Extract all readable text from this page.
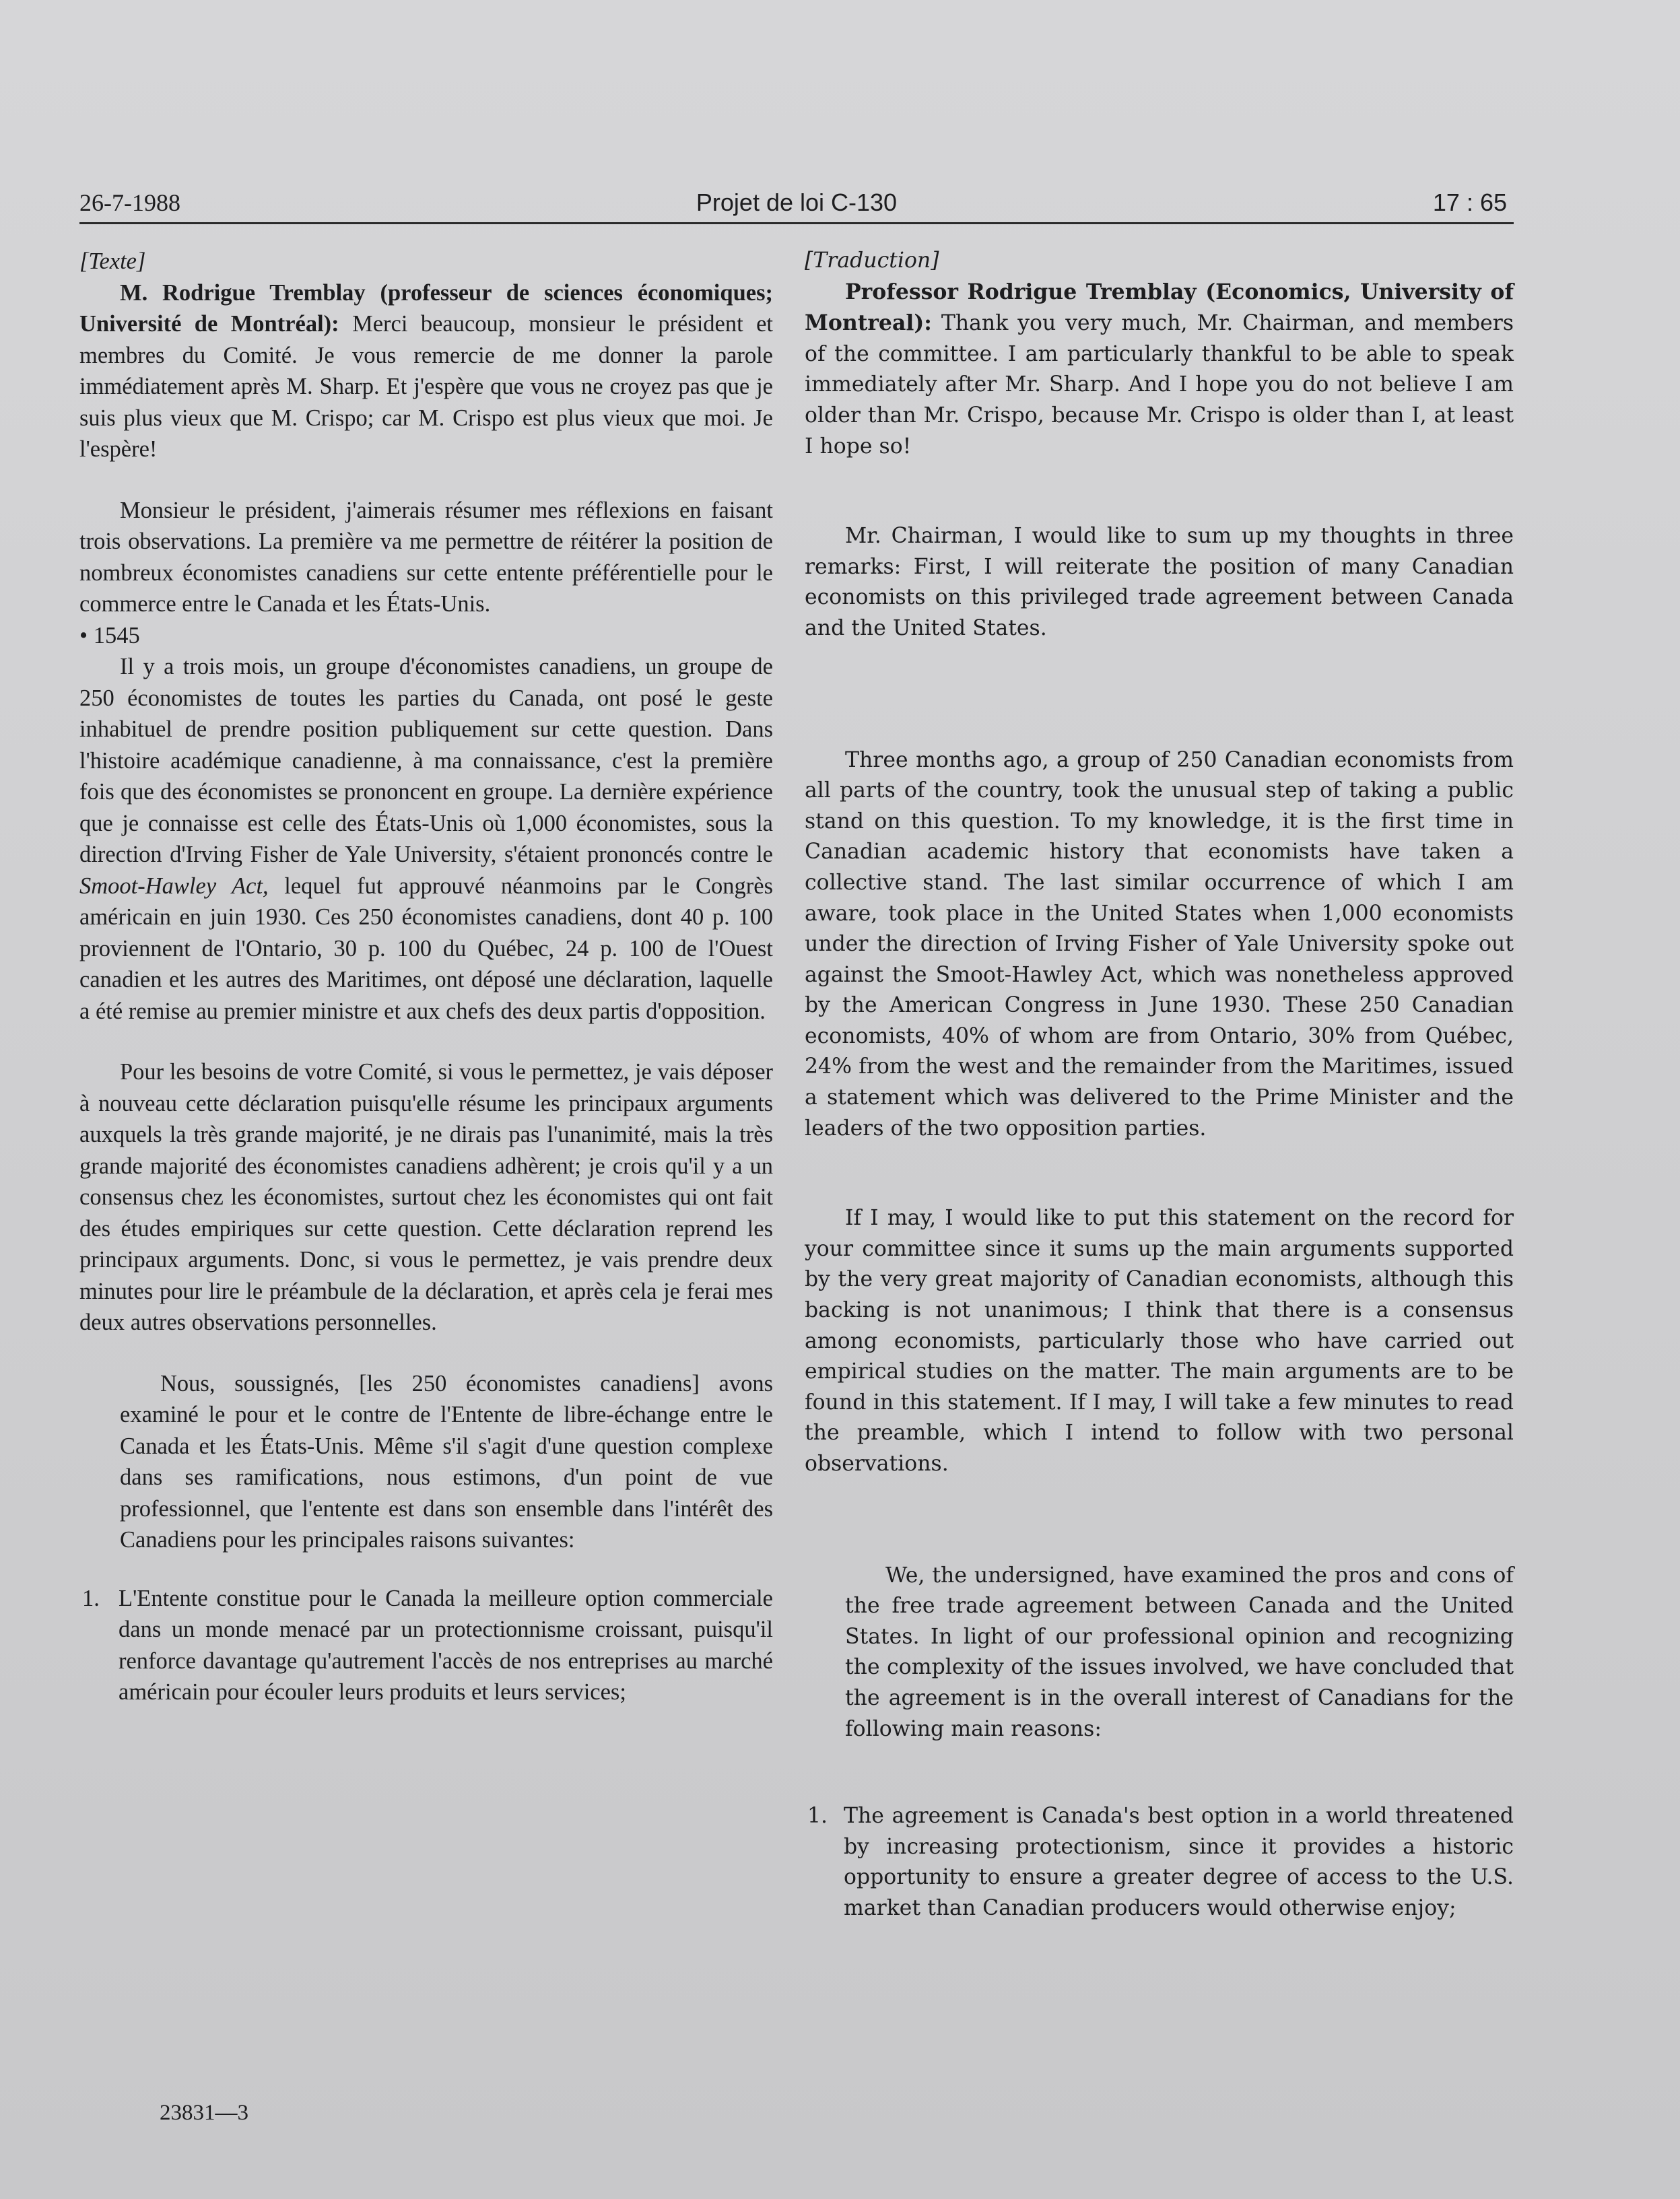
26-7-1988	Projet de loi C-130	17 : 65

[Texte]

M. Rodrigue Tremblay (professeur de sciences économiques; Université de Montréal): Merci beaucoup, monsieur le président et membres du Comité. Je vous remercie de me donner la parole immédiatement après M. Sharp. Et j'espère que vous ne croyez pas que je suis plus vieux que M. Crispo; car M. Crispo est plus vieux que moi. Je l'espère!

Monsieur le président, j'aimerais résumer mes réflexions en faisant trois observations. La première va me permettre de réitérer la position de nombreux économistes canadiens sur cette entente préférentielle pour le commerce entre le Canada et les États-Unis.

• 1545

Il y a trois mois, un groupe d'économistes canadiens, un groupe de 250 économistes de toutes les parties du Canada, ont posé le geste inhabituel de prendre position publiquement sur cette question. Dans l'histoire académique canadienne, à ma connaissance, c'est la première fois que des économistes se prononcent en groupe. La dernière expérience que je connaisse est celle des États-Unis où 1,000 économistes, sous la direction d'Irving Fisher de Yale University, s'étaient prononcés contre le Smoot-Hawley Act, lequel fut approuvé néanmoins par le Congrès américain en juin 1930. Ces 250 économistes canadiens, dont 40 p. 100 proviennent de l'Ontario, 30 p. 100 du Québec, 24 p. 100 de l'Ouest canadien et les autres des Maritimes, ont déposé une déclaration, laquelle a été remise au premier ministre et aux chefs des deux partis d'opposition.

Pour les besoins de votre Comité, si vous le permettez, je vais déposer à nouveau cette déclaration puisqu'elle résume les principaux arguments auxquels la très grande majorité, je ne dirais pas l'unanimité, mais la très grande majorité des économistes canadiens adhèrent; je crois qu'il y a un consensus chez les économistes, surtout chez les économistes qui ont fait des études empiriques sur cette question. Cette déclaration reprend les principaux arguments. Donc, si vous le permettez, je vais prendre deux minutes pour lire le préambule de la déclaration, et après cela je ferai mes deux autres observations personnelles.

Nous, soussignés, [les 250 économistes canadiens] avons examiné le pour et le contre de l'Entente de libre-échange entre le Canada et les États-Unis. Même s'il s'agit d'une question complexe dans ses ramifications, nous estimons, d'un point de vue professionnel, que l'entente est dans son ensemble dans l'intérêt des Canadiens pour les principales raisons suivantes:

1. L'Entente constitue pour le Canada la meilleure option commerciale dans un monde menacé par un protectionnisme croissant, puisqu'il renforce davantage qu'autrement l'accès de nos entreprises au marché américain pour écouler leurs produits et leurs services;

[Traduction]

Professor Rodrigue Tremblay (Economics, University of Montreal): Thank you very much, Mr. Chairman, and members of the committee. I am particularly thankful to be able to speak immediately after Mr. Sharp. And I hope you do not believe I am older than Mr. Crispo, because Mr. Crispo is older than I, at least I hope so!

Mr. Chairman, I would like to sum up my thoughts in three remarks: First, I will reiterate the position of many Canadian economists on this privileged trade agreement between Canada and the United States.

Three months ago, a group of 250 Canadian economists from all parts of the country, took the unusual step of taking a public stand on this question. To my knowledge, it is the first time in Canadian academic history that economists have taken a collective stand. The last similar occurrence of which I am aware, took place in the United States when 1,000 economists under the direction of Irving Fisher of Yale University spoke out against the Smoot-Hawley Act, which was nonetheless approved by the American Congress in June 1930. These 250 Canadian economists, 40% of whom are from Ontario, 30% from Québec, 24% from the west and the remainder from the Maritimes, issued a statement which was delivered to the Prime Minister and the leaders of the two opposition parties.

If I may, I would like to put this statement on the record for your committee since it sums up the main arguments supported by the very great majority of Canadian economists, although this backing is not unanimous; I think that there is a consensus among economists, particularly those who have carried out empirical studies on the matter. The main arguments are to be found in this statement. If I may, I will take a few minutes to read the preamble, which I intend to follow with two personal observations.

We, the undersigned, have examined the pros and cons of the free trade agreement between Canada and the United States. In light of our professional opinion and recognizing the complexity of the issues involved, we have concluded that the agreement is in the overall interest of Canadians for the following main reasons:

1. The agreement is Canada's best option in a world threatened by increasing protectionism, since it provides a historic opportunity to ensure a greater degree of access to the U.S. market than Canadian producers would otherwise enjoy;

23831—3
